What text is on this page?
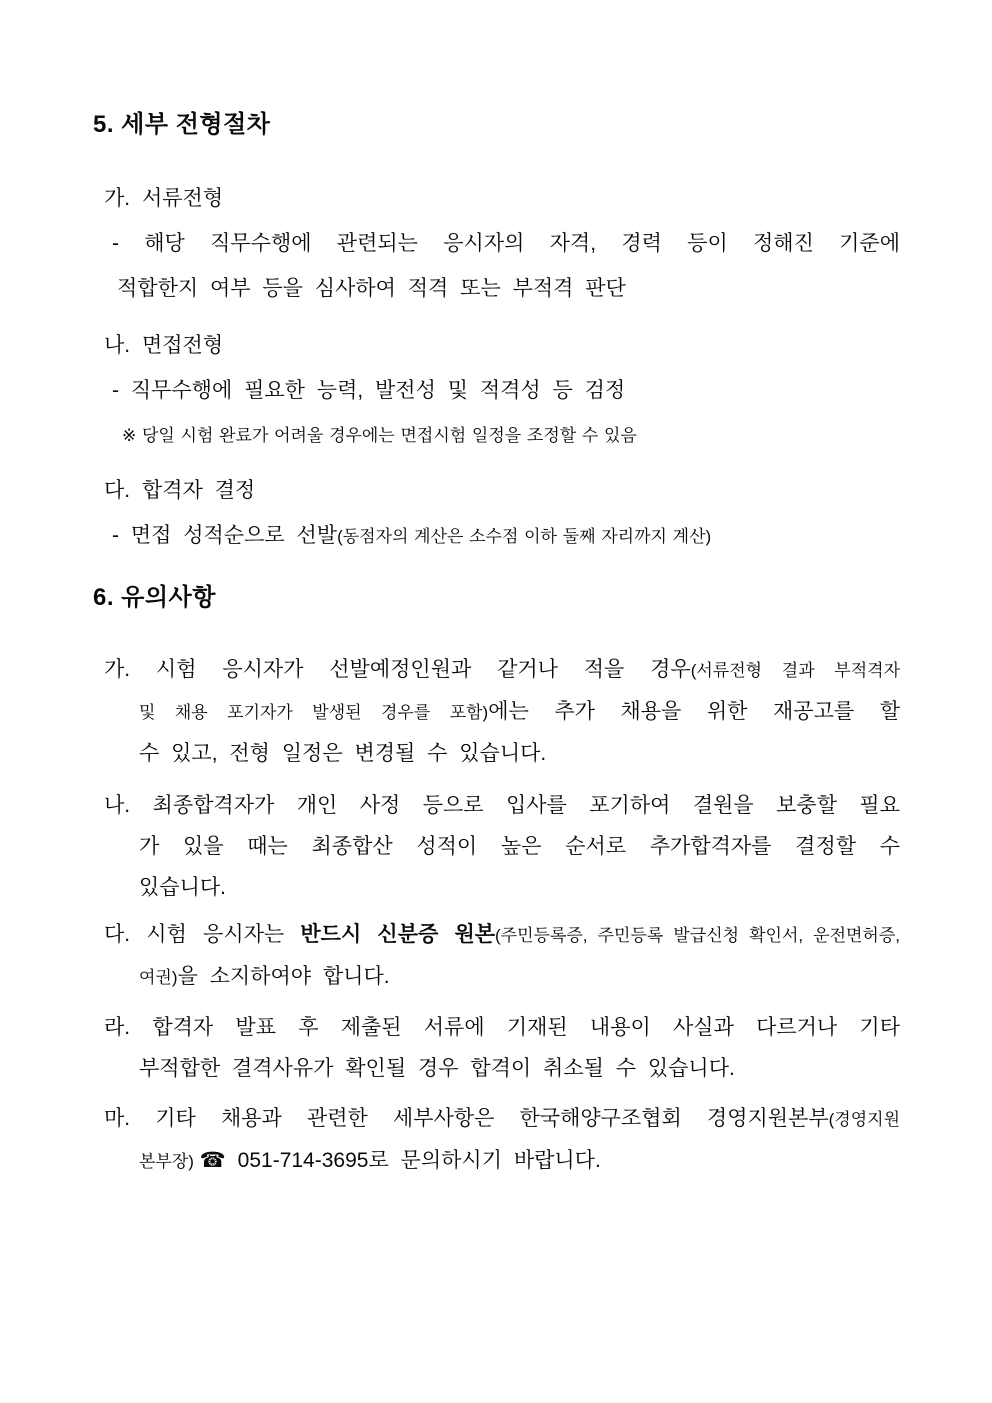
5. 세부 전형절차
가. 서류전형
- 해당 직무수행에 관련되는 응시자의 자격, 경력 등이 정해진 기준에
적합한지 여부 등을 심사하여 적격 또는 부적격 판단
나. 면접전형
- 직무수행에 필요한 능력, 발전성 및 적격성 등 검정
※ 당일 시험 완료가 어려울 경우에는 면접시험 일정을 조정할 수 있음
다. 합격자 결정
- 면접 성적순으로 선발(동점자의 계산은 소수점 이하 둘째 자리까지 계산)
6. 유의사항
가. 시험 응시자가 선발예정인원과 같거나 적을 경우(서류전형 결과 부적격자
및 채용 포기자가 발생된 경우를 포함)에는 추가 채용을 위한 재공고를 할
수 있고, 전형 일정은 변경될 수 있습니다.
나. 최종합격자가 개인 사정 등으로 입사를 포기하여 결원을 보충할 필요
가 있을 때는 최종합산 성적이 높은 순서로 추가합격자를 결정할 수
있습니다.
다. 시험 응시자는 반드시 신분증 원본(주민등록증, 주민등록 발급신청 확인서, 운전면허증,
여권)을 소지하여야 합니다.
라. 합격자 발표 후 제출된 서류에 기재된 내용이 사실과 다르거나 기타
부적합한 결격사유가 확인될 경우 합격이 취소될 수 있습니다.
마. 기타 채용과 관련한 세부사항은 한국해양구조협회 경영지원본부(경영지원
본부장) ☎ 051-714-3695로 문의하시기 바랍니다.
